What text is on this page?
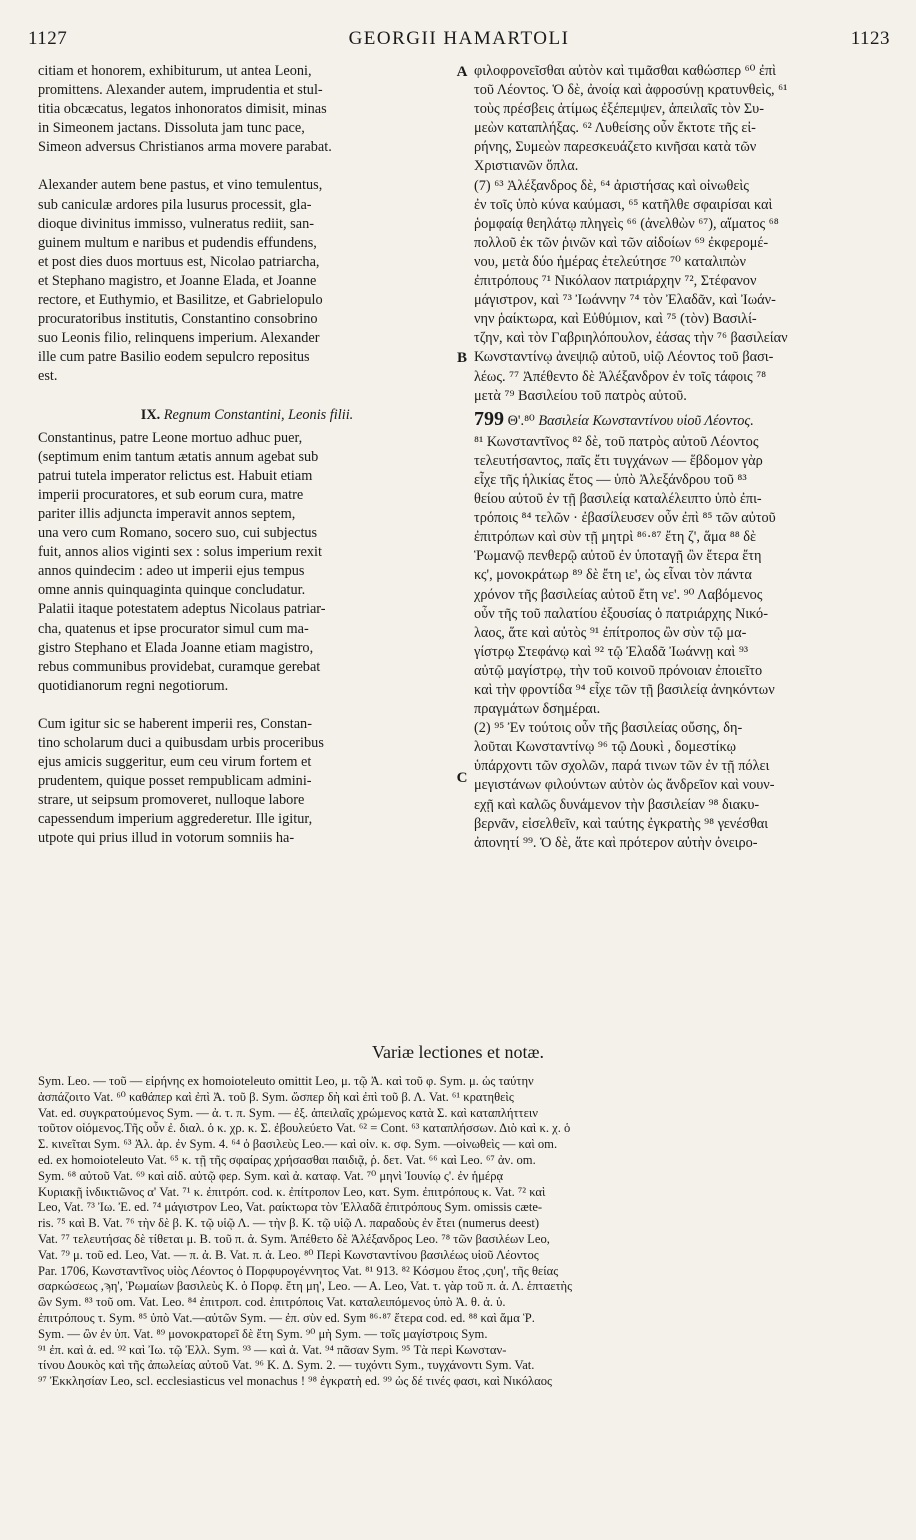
1127	GEORGII HAMARTOLI	1123
A
B
C
citiam et honorem, exhibiturum, ut antea Leoni,
promittens. Alexander autem, imprudentia et stul-
titia obcæcatus, legatos inhonoratos dimisit, minas
in Simeonem jactans. Dissoluta jam tunc pace,
Simeon adversus Christianos arma movere parabat.
Alexander autem bene pastus, et vino temulentus,
sub caniculæ ardores pila lusurus processit, gla-
dioque divinitus immisso, vulneratus rediit, san-
guinem multum e naribus et pudendis effundens,
et post dies duos mortuus est, Nicolao patriarcha,
et Stephano magistro, et Joanne Elada, et Joanne
rectore, et Euthymio, et Basilitze, et Gabrielopulo
procuratoribus institutis, Constantino consobrino
suo Leonis filio, relinquens imperium. Alexander
ille cum patre Basilio eodem sepulcro repositus
est.
IX. Regnum Constantini, Leonis filii.
Constantinus, patre Leone mortuo adhuc puer,
(septimum enim tantum ætatis annum agebat sub
patrui tutela imperator relictus est. Habuit etiam
imperii procuratores, et sub eorum cura, matre
pariter illis adjuncta imperavit annos septem,
una vero cum Romano, socero suo, cui subjectus
fuit, annos alios viginti sex : solus imperium rexit
annos quindecim : adeo ut imperii ejus tempus
omne annis quinquaginta quinque concludatur.
Palatii itaque potestatem adeptus Nicolaus patriar-
cha, quatenus et ipse procurator simul cum ma-
gistro Stephano et Elada Joanne etiam magistro,
rebus communibus providebat, curamque gerebat
quotidianorum regni negotiorum.
Cum igitur sic se haberent imperii res, Constan-
tino scholarum duci a quibusdam urbis proceribus
ejus amicis suggeritur, eum ceu virum fortem et
prudentem, quique posset rempublicam admini-
strare, ut seipsum promoveret, nulloque labore
capessendum imperium aggrederetur. Ille igitur,
utpote qui prius illud in votorum somniis ha-
φιλοφρονεῖσθαι αὐτὸν καὶ τιμᾶσθαι καθώσπερ ⁶⁰ ἐπὶ
τοῦ Λέοντος. Ὁ δὲ, ἀνοίᾳ καὶ ἀφροσύνῃ κρατυνθεὶς, ⁶¹
τοὺς πρέσβεις ἀτίμως ἐξέπεμψεν, ἀπειλαῖς τὸν Συ-
μεὼν καταπλήξας. ⁶² Λυθείσης οὖν ἔκτοτε τῆς εἰ-
ρήνης, Συμεὼν παρεσκευάζετο κινῆσαι κατὰ τῶν
Χριστιανῶν ὅπλα.
(7) ⁶³ Ἀλέξανδρος δὲ, ⁶⁴ ἀριστήσας καὶ οἰνωθεὶς
ἐν τοῖς ὑπὸ κύνα καύμασι, ⁶⁵ κατῆλθε σφαιρίσαι καὶ
ῥομφαίᾳ θεηλάτῳ πληγεὶς ⁶⁶ (ἀνελθὼν ⁶⁷), αἵματος ⁶⁸
πολλοῦ ἐκ τῶν ῥινῶν καὶ τῶν αἰδοίων ⁶⁹ ἐκφερομέ-
νου, μετὰ δύο ἡμέρας ἐτελεύτησε ⁷⁰ καταλιπὼν
ἐπιτρόπους ⁷¹ Νικόλαον πατριάρχην ⁷², Στέφανον
μάγιστρον, καὶ ⁷³ Ἰωάννην ⁷⁴ τὸν Ἐλαδᾶν, καὶ Ἰωάν-
νην ῥαίκτωρα, καὶ Εὐθύμιον, καὶ ⁷⁵ (τὸν) Βασιλί-
τζην, καὶ τὸν Γαβριηλόπουλον, ἐάσας τὴν ⁷⁶ βασιλείαν
Κωνσταντίνῳ ἀνεψιῷ αὐτοῦ, υἱῷ Λέοντος τοῦ βασι-
λέως. ⁷⁷ Ἀπέθεντο δὲ Ἀλέξανδρον ἐν τοῖς τάφοις ⁷⁸
μετὰ ⁷⁹ Βασιλείου τοῦ πατρὸς αὐτοῦ.
799 Θ'.⁸⁰ Βασιλεία Κωνσταντίνου υἱοῦ Λέοντος.
⁸¹ Κωνσταντῖνος ⁸² δὲ, τοῦ πατρὸς αὐτοῦ Λέοντος
τελευτήσαντος, παῖς ἔτι τυγχάνων — ἕβδομον γὰρ
εἶχε τῆς ἡλικίας ἔτος — ὑπὸ Ἀλεξάνδρου τοῦ ⁸³
θείου αὐτοῦ ἐν τῇ βασιλείᾳ καταλέλειπτο ὑπὸ ἐπι-
τρόποις ⁸⁴ τελῶν · ἐβασίλευσεν οὖν ἐπὶ ⁸⁵ τῶν αὐτοῦ
ἐπιτρόπων καὶ σὺν τῇ μητρὶ ⁸⁶·⁸⁷ ἔτη ζ', ἅμα ⁸⁸ δὲ
Ῥωμανῷ πενθερῷ αὐτοῦ ἐν ὑποταγῇ ὢν ἕτερα ἔτη
κς', μονοκράτωρ ⁸⁹ δὲ ἔτη ιε', ὡς εἶναι τὸν πάντα
χρόνον τῆς βασιλείας αὐτοῦ ἔτη νε'. ⁹⁰ Λαβόμενος
οὖν τῆς τοῦ παλατίου ἐξουσίας ὁ πατριάρχης Νικό-
λαος, ἅτε καὶ αὐτὸς ⁹¹ ἐπίτροπος ὢν σὺν τῷ μα-
γίστρῳ Στεφάνῳ καὶ ⁹² τῷ Ἐλαδᾶ Ἰωάννῃ καὶ ⁹³
αὐτῷ μαγίστρῳ, τὴν τοῦ κοινοῦ πρόνοιαν ἐποιεῖτο
καὶ τὴν φροντίδα ⁹⁴ εἶχε τῶν τῇ βασιλείᾳ ἀνηκόντων
πραγμάτων δσημέραι.
(2) ⁹⁵ Ἐν τούτοις οὖν τῆς βασιλείας οὔσης, δη-
λοῦται Κωνσταντίνῳ ⁹⁶ τῷ Δουκὶ , δομεστίκῳ
ὑπάρχοντι τῶν σχολῶν, παρά τινων τῶν ἐν τῇ πόλει
μεγιστάνων φιλούντων αὐτὸν ὡς ἄνδρεῖον καὶ νουν-
εχῇ καὶ καλῶς δυνάμενον τὴν βασιλείαν ⁹⁸ διακυ-
βερνᾶν, εἰσελθεῖν, καὶ ταύτης ἐγκρατὴς ⁹⁸ γενέσθαι
ἀπονητί ⁹⁹. Ὁ δὲ, ἅτε καὶ πρότερον αὐτὴν ὀνειρο-
Variæ lectiones et notæ.
Sym. Leo. — τοῦ — εἰρήνης ex homoioteleuto omittit Leo, μ. τῷ Ἀ. καὶ τοῦ φ. Sym. μ. ὡς ταύτην
ἀσπάζοιτο Vat. ⁶⁰ καθάπερ καὶ ἐπὶ Ἀ. τοῦ β. Sym. ὥσπερ δὴ καὶ ἐπὶ τοῦ β. Λ. Vat. ⁶¹ κρατηθεὶς
Vat. ed. συγκρατούμενος Sym. — ἀ. τ. π. Sym. — ἐξ. ἀπειλαῖς χρώμενος κατὰ Σ. καὶ καταπλήττειν
τοῦτον οἰόμενος.Τῆς οὖν ἐ. διαλ. ὁ κ. χρ. κ. Σ. ἐβουλεύετο Vat. ⁶² = Cont. ⁶³ καταπλήσσων. Διὸ καὶ κ. χ. ὁ
Σ. κινεῖται Sym. ⁶³ Ἀλ. ἀρ. ἐν Sym. 4. ⁶⁴ ὁ βασιλεὺς Leo.— καὶ οἰν. κ. σφ. Sym. —οἰνωθεὶς — καὶ om.
ed. ex homoioteleuto Vat. ⁶⁵ κ. τῇ τῆς σφαίρας χρήσασθαι παιδιᾷ, ῥ. δετ. Vat. ⁶⁶ καὶ Leo. ⁶⁷ ἀν. om.
Sym. ⁶⁸ αὐτοῦ Vat. ⁶⁹ καὶ αἰδ. αὐτῷ φερ. Sym. καὶ ἀ. καταφ. Vat. ⁷⁰ μηνὶ Ἰουνίῳ ς'. ἐν ἡμέρᾳ
Κυριακῇ ἰνδικτιῶνος α' Vat. ⁷¹ κ. ἐπιτρόπ. cod. κ. ἐπίτροπον Leo, κατ. Sym. ἐπιτρόπους κ. Vat. ⁷² καὶ
Leo, Vat. ⁷³ Ἰω. Ἐ. ed. ⁷⁴ μάγιστρον Leo, Vat. ραίκτωρα τὸν Ἐλλαδᾶ ἐπιτρόπους Sym. omissis cæte-
ris. ⁷⁵ καὶ B. Vat. ⁷⁶ τὴν δὲ β. K. τῷ υἱῷ Λ. — τὴν β. K. τῷ υἱῷ Λ. παραδοὺς ἐν ἔτει (numerus deest)
Vat. ⁷⁷ τελευτήσας δὲ τίθεται μ. B. τοῦ π. ἀ. Sym. Ἀπέθετο δὲ Ἀλέξανδρος Leo. ⁷⁸ τῶν βασιλέων Leo,
Vat. ⁷⁹ μ. τοῦ ed. Leo, Vat. — π. ἀ. B. Vat. π. ἀ. Leo. ⁸⁰ Περὶ Κωνσταντίνου βασιλέως υἱοῦ Λέοντος
Par. 1706, Κωνσταντῖνος υἱὸς Λέοντος ὁ Πορφυρογέννητος Vat. ⁸¹ 913. ⁸² Κόσμου ἔτος ,ϛυη', τῆς θείας
σαρκώσεως ,ϡη', Ῥωμαίων βασιλεὺς K. ὁ Πορφ. ἔτη μη', Leo. — A. Leo, Vat. τ. γὰρ τοῦ π. ἀ. Λ. ἑπταετὴς
ὢν Sym. ⁸³ τοῦ om. Vat. Leo. ⁸⁴ ἐπιτροπ. cod. ἐπιτρόποις Vat. καταλειπόμενος ὑπὸ Ἀ. θ. ἀ. ὑ.
ἐπιτρόπους τ. Sym. ⁸⁵ ὑπὸ Vat.—αὐτῶν Sym. — ἐπ. σὺν ed. Sym ⁸⁶·⁸⁷ ἕτερα cod. ed. ⁸⁸ καὶ ἅμα Ῥ.
Sym. — ὢν ἐν ὑπ. Vat. ⁸⁹ μονοκρατορεῖ δὲ ἔτη Sym. ⁹⁰ μὴ Sym. — τοῖς μαγίστροις Sym.
⁹¹ ἐπ. καὶ ἀ. ed. ⁹² καὶ Ἰω. τῷ Ἐλλ. Sym. ⁹³ — καὶ ἀ. Vat. ⁹⁴ πᾶσαν Sym. ⁹⁵ Τὰ περὶ Κωνσταν-
τίνου Δουκὸς καὶ τῆς ἀπωλείας αὐτοῦ Vat. ⁹⁶ K. Δ. Sym. 2. — τυχόντι Sym., τυγχάνοντι Sym. Vat.
⁹⁷ Ἐκκλησίαν Leo, scl. ecclesiasticus vel monachus ! ⁹⁸ ἐγκρατὴ ed. ⁹⁹ ὡς δέ τινές φασι, καὶ Νικόλαος
